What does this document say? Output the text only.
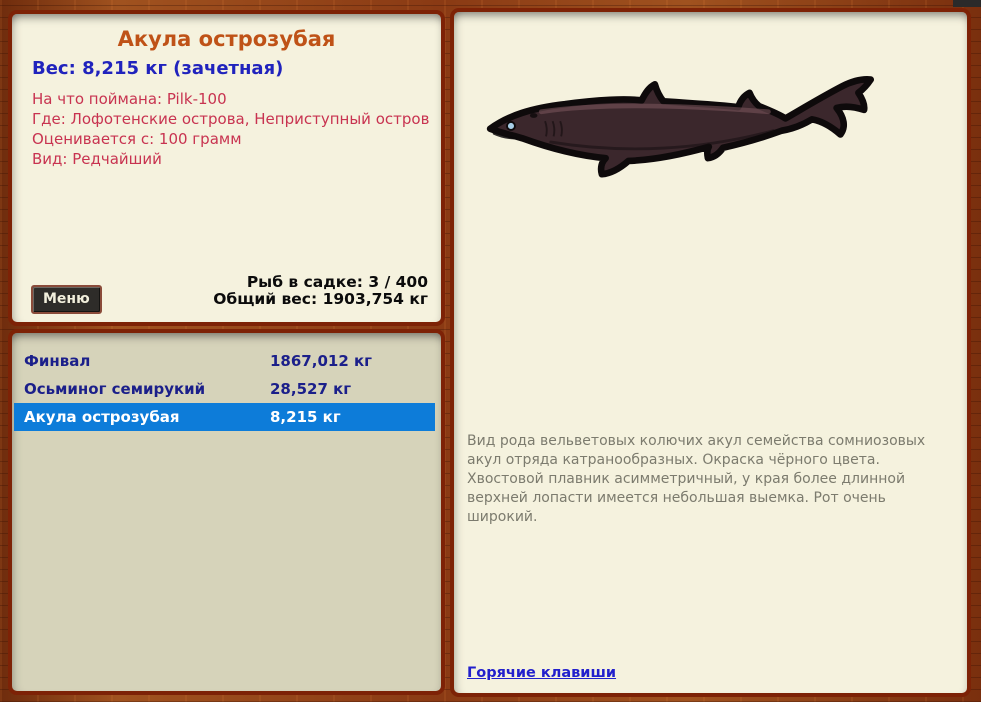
Акула острозубая
Вес: 8,215 кг (зачетная)
На что поймана: Pilk-100
Где: Лофотенские острова, Неприступный остров
Оценивается с: 100 грамм
Вид: Редчайший
Меню
Рыб в садке: 3 / 400
Общий вес: 1903,754 кг
Финвал	1867,012 кг
Осьминог семирукий	28,527 кг
Акула острозубая	8,215 кг
Вид рода вельветовых колючих акул семейства сомниозовых акул отряда катранообразных. Окраска чёрного цвета. Хвостовой плавник асимметричный, у края более длинной верхней лопасти имеется небольшая выемка. Рот очень широкий.
Горячие клавиши
